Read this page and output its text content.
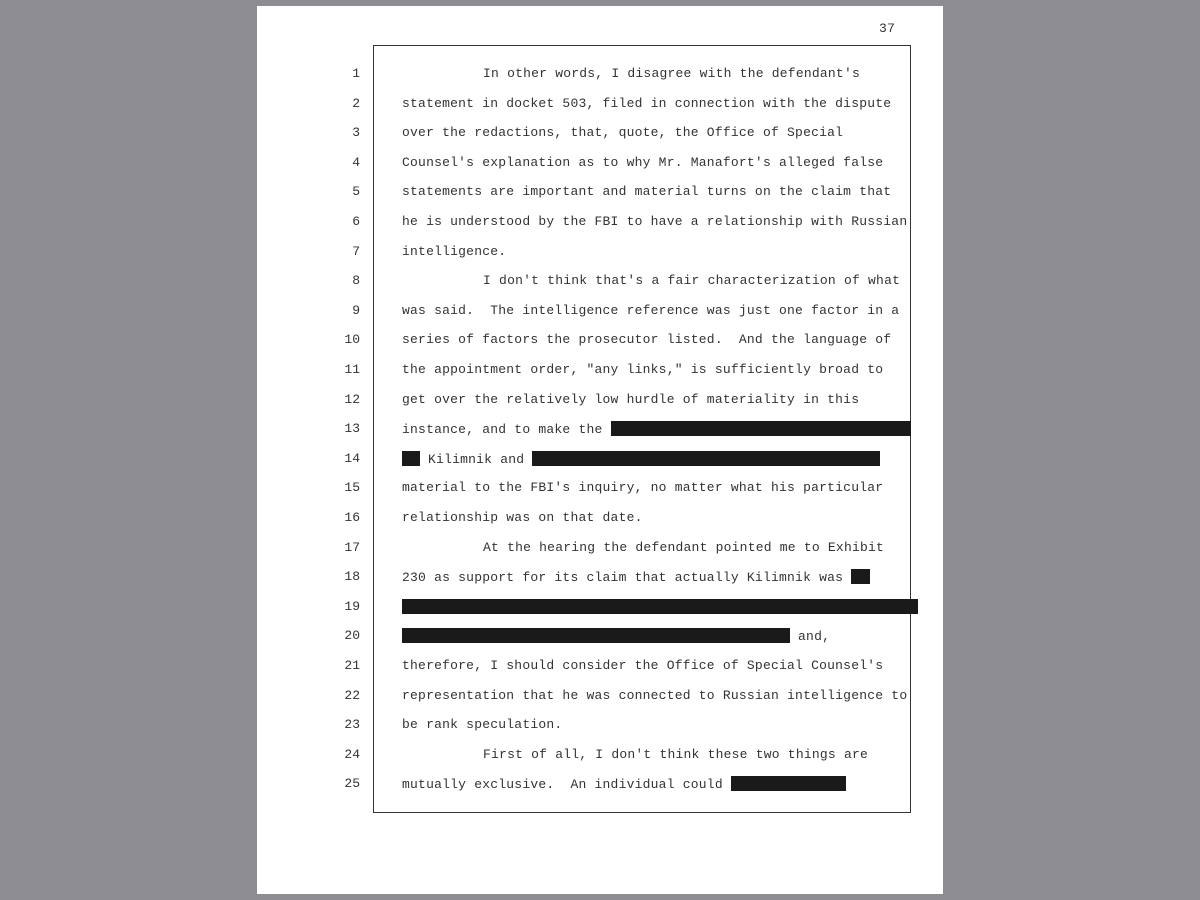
37
1	In other words, I disagree with the defendant's
2	statement in docket 503, filed in connection with the dispute
3	over the redactions, that, quote, the Office of Special
4	Counsel's explanation as to why Mr. Manafort's alleged false
5	statements are important and material turns on the claim that
6	he is understood by the FBI to have a relationship with Russian
7	intelligence.
8	I don't think that's a fair characterization of what
9	was said.  The intelligence reference was just one factor in a
10	series of factors the prosecutor listed.  And the language of
11	the appointment order, "any links," is sufficiently broad to
12	get over the relatively low hurdle of materiality in this
13	instance, and to make the
14	Kilimnik and
15	material to the FBI's inquiry, no matter what his particular
16	relationship was on that date.
17	At the hearing the defendant pointed me to Exhibit
18	230 as support for its claim that actually Kilimnik was
19
20	and,
21	therefore, I should consider the Office of Special Counsel's
22	representation that he was connected to Russian intelligence to
23	be rank speculation.
24	First of all, I don't think these two things are
25	mutually exclusive.  An individual could
